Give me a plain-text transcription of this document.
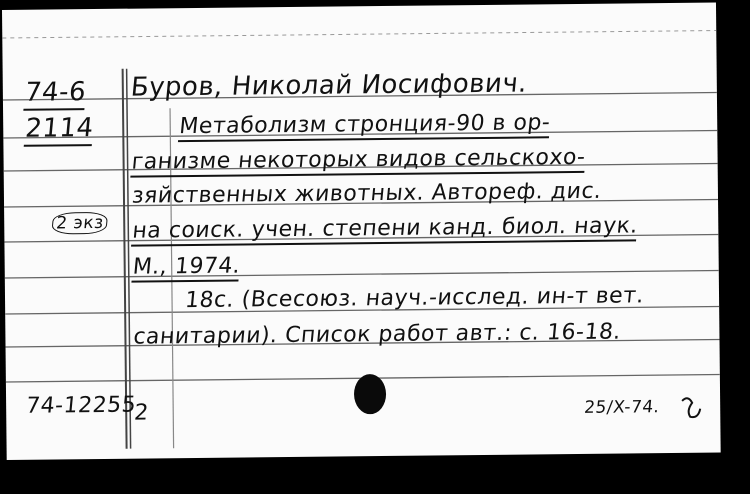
74-6
2114
2 экз
74-12255
2
Буров, Николай Иосифович.
Метаболизм стронция-90 в ор-
ганизме некоторых видов сельскохо-
зяйственных животных. Автореф. дис.
на соиск. учен. степени канд. биол. наук.
М., 1974.
18с. (Всесоюз. науч.-исслед. ин-т вет.
санитарии). Список работ авт.: с. 16-18.
25/X-74.
